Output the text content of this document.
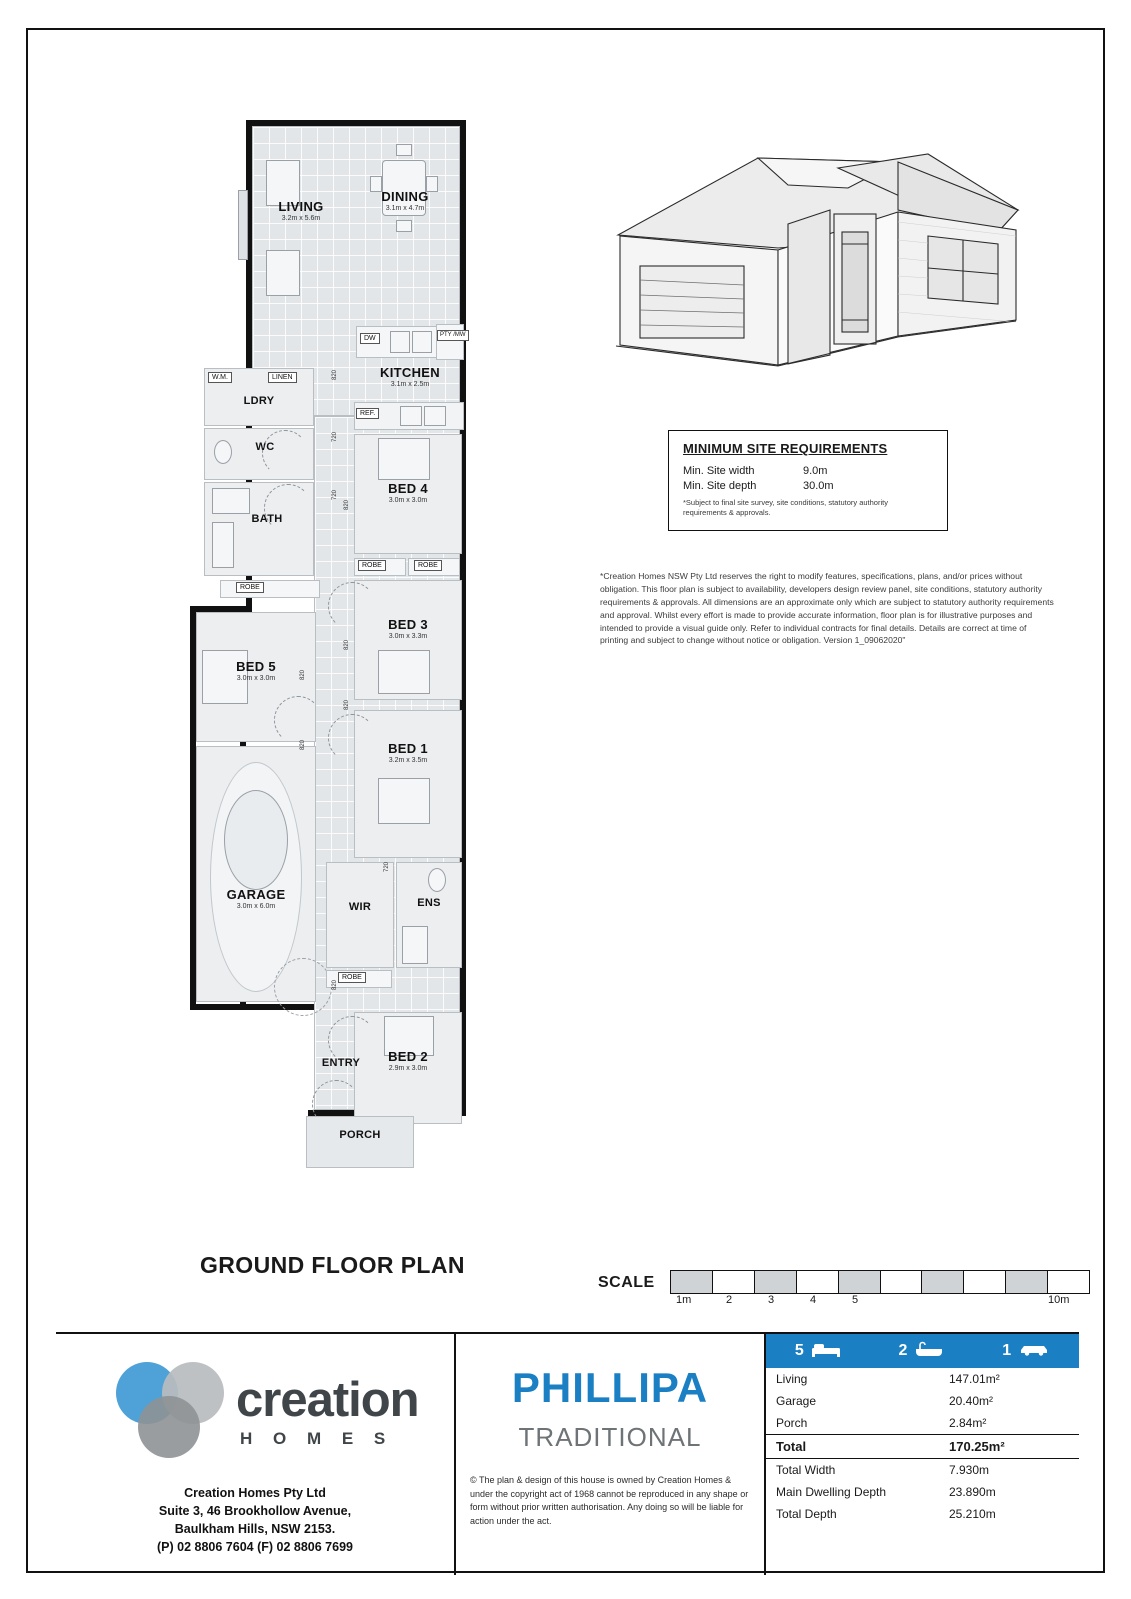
LIVING
3.2m x 5.6m
DINING
3.1m x 4.7m
DW	PTY /MW
KITCHEN
3.1m x 2.5m
REF.
W.M.	LINEN
LDRY
WC
BATH
ROBE
BED 4
3.0m x 3.0m
ROBE	ROBE
BED 3
3.0m x 3.3m
BED 5
3.0m x 3.0m
BED 1
3.2m x 3.5m
GARAGE
3.0m x 6.0m	WIR	ENS
ROBE
BED 2
2.9m x 3.0m
ENTRY
PORCH
820
720
720
820
820
820
820
820
720
820
MINIMUM SITE REQUIREMENTS
Min. Site width	9.0m
Min. Site depth	30.0m
*Subject to final site survey, site conditions, statutory authority requirements & approvals.
*Creation Homes NSW Pty Ltd reserves the right to modify features, specifications, plans, and/or prices without obligation. This floor plan is subject to availability, developers design review panel, site conditions, statutory authority requirements & approvals. All dimensions are an approximate only which are subject to statutory authority requirements and approval. Whilst every effort is made to provide accurate information, floor plan is for illustrative purposes and intended to provide a visual guide only. Refer to individual contracts for final details. Details are correct at time of printing and subject to change without notice or obligation. Version 1_09062020"
GROUND FLOOR PLAN
SCALE
1m	2	3	4	5	10m
creation
H O M E S
Creation Homes Pty Ltd
Suite 3, 46 Brookhollow Avenue,
Baulkham Hills, NSW 2153.
(P) 02 8806 7604 (F) 02 8806 7699
PHILLIPA
TRADITIONAL
© The plan & design of this house is owned by Creation Homes & under the copyright act of 1968 cannot be reproduced in any shape or form without prior written authorisation. Any doing so will be liable for action under the act.
5	2	1
Living	147.01m²
Garage	20.40m²
Porch	2.84m²
Total	170.25m²
Total Width	7.930m
Main Dwelling Depth	23.890m
Total Depth	25.210m
